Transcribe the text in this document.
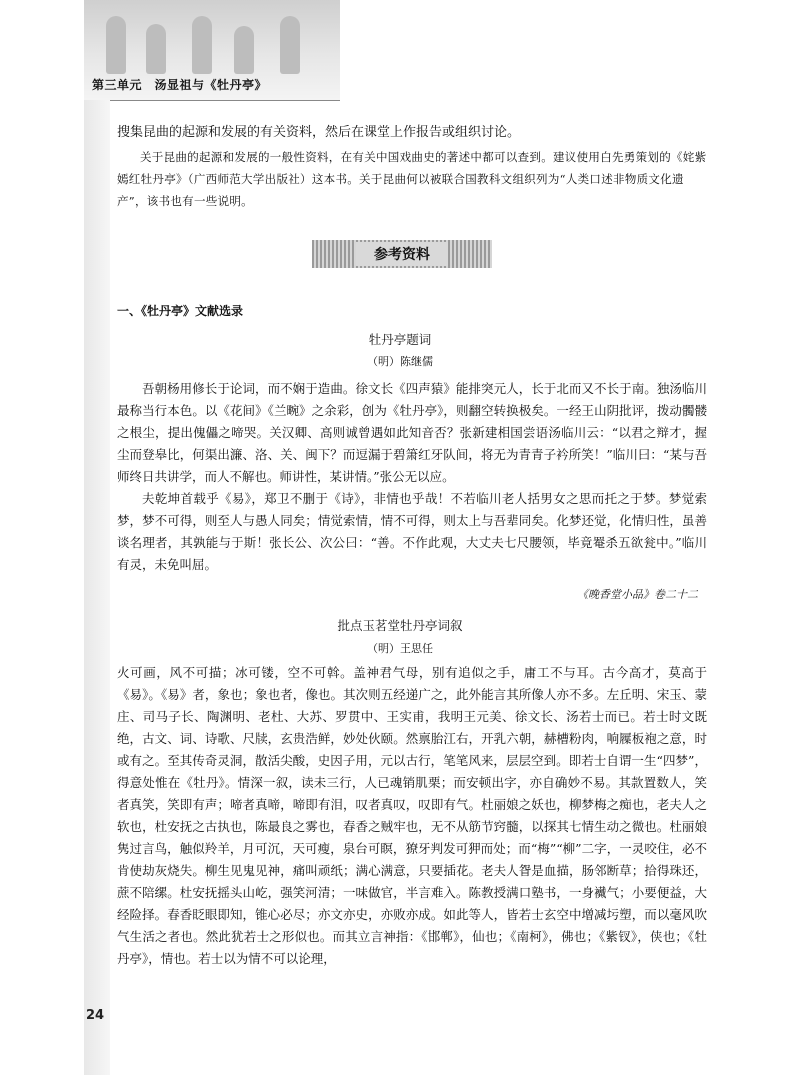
第三单元　汤显祖与《牡丹亭》

搜集昆曲的起源和发展的有关资料，然后在课堂上作报告或组织讨论。

关于昆曲的起源和发展的一般性资料，在有关中国戏曲史的著述中都可以查到。建议使用白先勇策划的《姹紫嫣红牡丹亭》（广西师范大学出版社）这本书。关于昆曲何以被联合国教科文组织列为“人类口述非物质文化遗产”，该书也有一些说明。

参考资料
一、《牡丹亭》文献选录
牡丹亭题词
（明）陈继儒

吾朝杨用修长于论词，而不娴于造曲。徐文长《四声猿》能排突元人，长于北而又不长于南。独汤临川最称当行本色。以《花间》《兰畹》之余彩，创为《牡丹亭》，则翻空转换极矣。一经王山阴批评，拨动髑髅之根尘，提出傀儡之啼哭。关汉卿、高则诚曾遇如此知音否？张新建相国尝语汤临川云：“以君之辩才，握尘而登皋比，何渠出濂、洛、关、闽下？而逗漏于碧箫红牙队间，将无为青青子衿所笑！”临川曰：“某与吾师终日共讲学，而人不解也。师讲性，某讲情。”张公无以应。

夫乾坤首载乎《易》，郑卫不删于《诗》，非情也乎哉！不若临川老人括男女之思而托之于梦。梦觉索梦，梦不可得，则至人与愚人同矣；情觉索情，情不可得，则太上与吾辈同矣。化梦还觉，化情归性，虽善谈名理者，其孰能与于斯！张长公、次公曰：“善。不作此观，大丈夫七尺腰领，毕竟罨杀五欲瓮中。”临川有灵，未免叫屈。

《晚香堂小品》卷二十二
批点玉茗堂牡丹亭词叙
（明）王思任

火可画，风不可描；冰可镂，空不可斡。盖神君气母，别有追似之手，庸工不与耳。古今高才，莫高于《易》。《易》者，象也；象也者，像也。其次则五经递广之，此外能言其所像人亦不多。左丘明、宋玉、蒙庄、司马子长、陶渊明、老杜、大苏、罗贯中、王实甫，我明王元美、徐文长、汤若士而已。若士时文既绝，古文、词、诗歌、尺牍，玄贵浩鲜，妙处伙颐。然禀胎江右，开乳六朝，赫槽粉肉，响屧板袍之意，时或有之。至其传奇灵洞，散活尖酸，史因子用，元以古行，笔笔风来，层层空到。即若士自谓一生“四梦”，得意处惟在《牡丹》。情深一叙，读未三行，人已魂销肌栗；而安顿出字，亦自确妙不易。其款置数人，笑者真笑，笑即有声；啼者真啼，啼即有泪，叹者真叹，叹即有气。杜丽娘之妖也，柳梦梅之痴也，老夫人之软也，杜安抚之古执也，陈最良之雾也，春香之贼牢也，无不从筋节窍髓，以探其七情生动之微也。杜丽娘隽过言鸟，触似羚羊，月可沉，天可瘦，泉台可瞑，獠牙判发可狎而处；而“梅”“柳”二字，一灵咬住，必不肯使劫灰烧失。柳生见鬼见神，痛叫顽纸；满心满意，只要插花。老夫人眢是血描，肠邻断草；拾得珠还，蔗不陪缧。杜安抚摇头山屹，强笑河清；一味做官，半言难入。陈教授满口塾书，一身襶气；小要便益，大经险择。春香眨眼即知，锥心必尽；亦文亦史，亦败亦成。如此等人，皆若士玄空中增减圬塑，而以毫风吹气生活之者也。然此犹若士之形似也。而其立言神指：《邯郸》，仙也；《南柯》，佛也；《紫钗》，侠也；《牡丹亭》，情也。若士以为情不可以论理，

24
